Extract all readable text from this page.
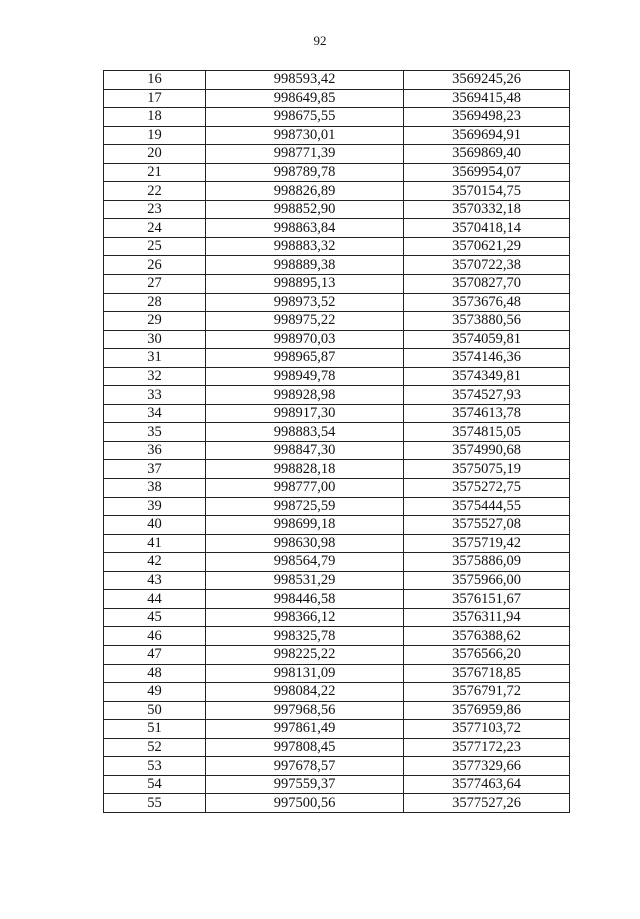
92
16	998593,42	3569245,26
17	998649,85	3569415,48
18	998675,55	3569498,23
19	998730,01	3569694,91
20	998771,39	3569869,40
21	998789,78	3569954,07
22	998826,89	3570154,75
23	998852,90	3570332,18
24	998863,84	3570418,14
25	998883,32	3570621,29
26	998889,38	3570722,38
27	998895,13	3570827,70
28	998973,52	3573676,48
29	998975,22	3573880,56
30	998970,03	3574059,81
31	998965,87	3574146,36
32	998949,78	3574349,81
33	998928,98	3574527,93
34	998917,30	3574613,78
35	998883,54	3574815,05
36	998847,30	3574990,68
37	998828,18	3575075,19
38	998777,00	3575272,75
39	998725,59	3575444,55
40	998699,18	3575527,08
41	998630,98	3575719,42
42	998564,79	3575886,09
43	998531,29	3575966,00
44	998446,58	3576151,67
45	998366,12	3576311,94
46	998325,78	3576388,62
47	998225,22	3576566,20
48	998131,09	3576718,85
49	998084,22	3576791,72
50	997968,56	3576959,86
51	997861,49	3577103,72
52	997808,45	3577172,23
53	997678,57	3577329,66
54	997559,37	3577463,64
55	997500,56	3577527,26
